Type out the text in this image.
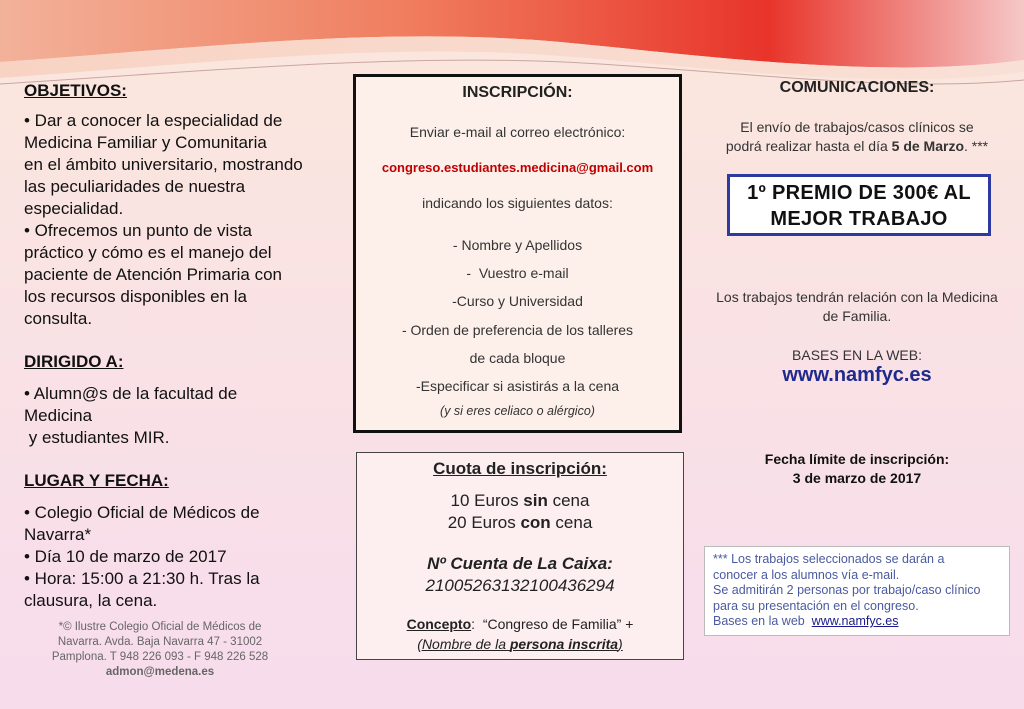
OBJETIVOS:

• Dar a conocer la especialidad de

Medicina Familiar y Comunitaria

en el ámbito universitario, mostrando

las peculiaridades de nuestra

especialidad.

• Ofrecemos un punto de vista

práctico y cómo es el manejo del

paciente de Atención Primaria con

los recursos disponibles en la

consulta.

DIRIGIDO A:

• Alumn@s de la facultad de

Medicina

y estudiantes MIR.

LUGAR Y FECHA:

• Colegio Oficial de Médicos de

Navarra*

• Día 10 de marzo de 2017

• Hora: 15:00 a 21:30 h. Tras la

clausura, la cena.

*© Ilustre Colegio Oficial de Médicos de
Navarra. Avda. Baja Navarra 47 - 31002
Pamplona. T 948 226 093 - F 948 226 528
admon@medena.es
INSCRIPCIÓN:
Enviar e-mail al correo electrónico:
congreso.estudiantes.medicina@gmail.com
indicando los siguientes datos:
- Nombre y Apellidos
-  Vuestro e-mail
-Curso y Universidad
- Orden de preferencia de los talleres
de cada bloque
-Especificar si asistirás a la cena
(y si eres celiaco o alérgico)
Cuota de inscripción:
10 Euros sin cena
20 Euros con cena
Nº Cuenta de La Caixa:
21005263132100436294
Concepto:  “Congreso de Familia” +
(Nombre de la persona inscrita)
COMUNICACIONES:
El envío de trabajos/casos clínicos se
podrá realizar hasta el día 5 de Marzo. ***
1º PREMIO DE 300€ AL
MEJOR TRABAJO
Los trabajos tendrán relación con la Medicina
de Familia.
BASES EN LA WEB:
www.namfyc.es
Fecha límite de inscripción:
3 de marzo de 2017
*** Los trabajos seleccionados se darán a
conocer a los alumnos vía e-mail.
Se admitirán 2 personas por trabajo/caso clínico
para su presentación en el congreso.
Bases en la web  www.namfyc.es
